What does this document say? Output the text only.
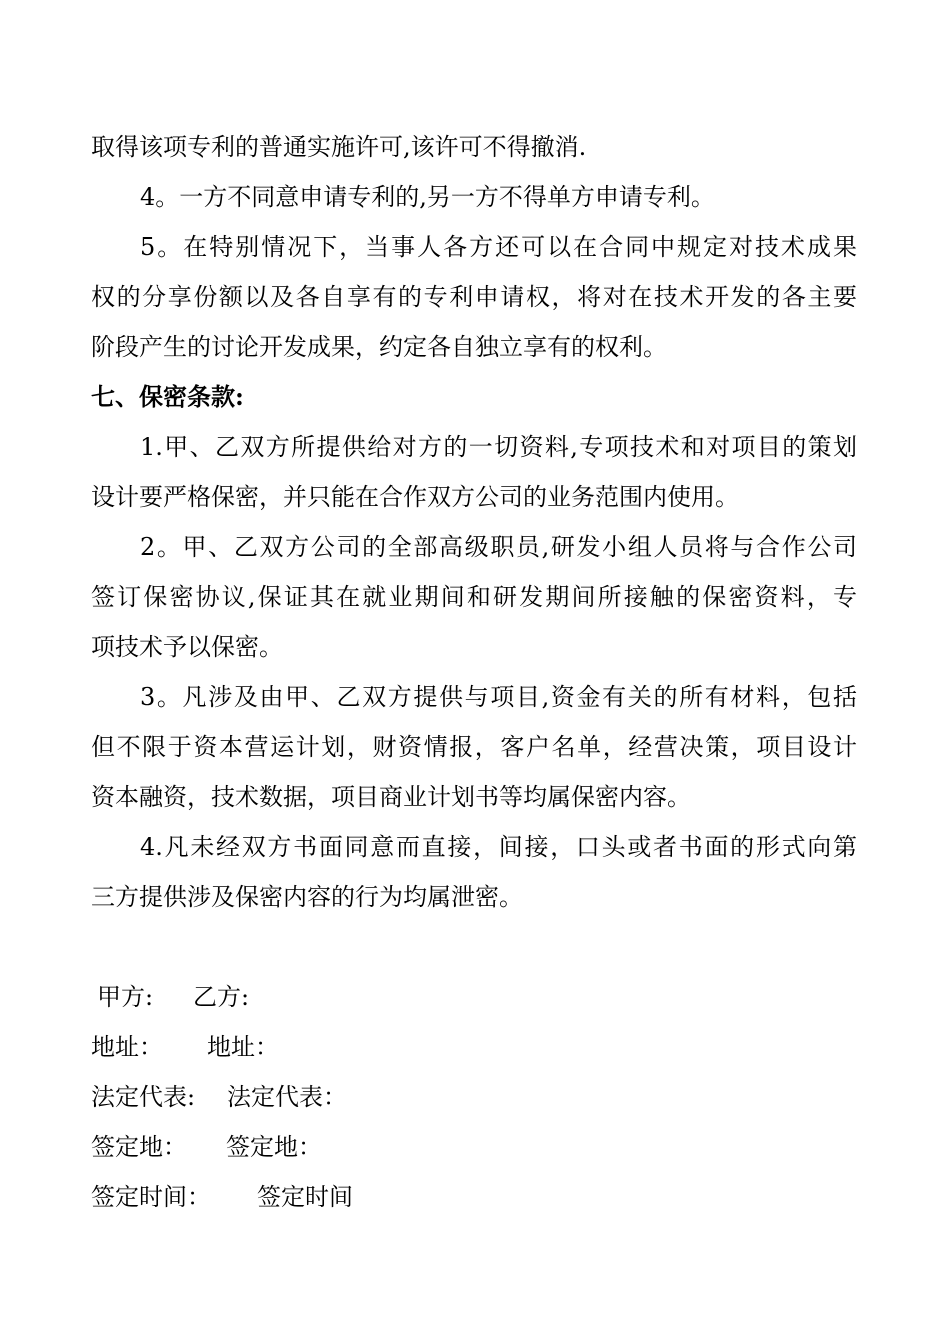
取得该项专利的普通实施许可,该许可不得撤消.

4。一方不同意申请专利的,另一方不得单方申请专利。

5。在特别情况下，当事人各方还可以在合同中规定对技术成果

权的分享份额以及各自享有的专利申请权，将对在技术开发的各主要

阶段产生的讨论开发成果，约定各自独立享有的权利。

七、保密条款:

1.甲、乙双方所提供给对方的一切资料,专项技术和对项目的策划

设计要严格保密，并只能在合作双方公司的业务范围内使用。

2。甲、乙双方公司的全部高级职员,研发小组人员将与合作公司

签订保密协议,保证其在就业期间和研发期间所接触的保密资料，专

项技术予以保密。

3。凡涉及由甲、乙双方提供与项目,资金有关的所有材料，包括

但不限于资本营运计划，财资情报，客户名单，经营决策，项目设计

资本融资，技术数据，项目商业计划书等均属保密内容。

4.凡未经双方书面同意而直接，间接，口头或者书面的形式向第

三方提供涉及保密内容的行为均属泄密。

甲方: 乙方:

地址： 地址：

法定代表: 法定代表：

签定地： 签定地：

签定时间： 签定时间
